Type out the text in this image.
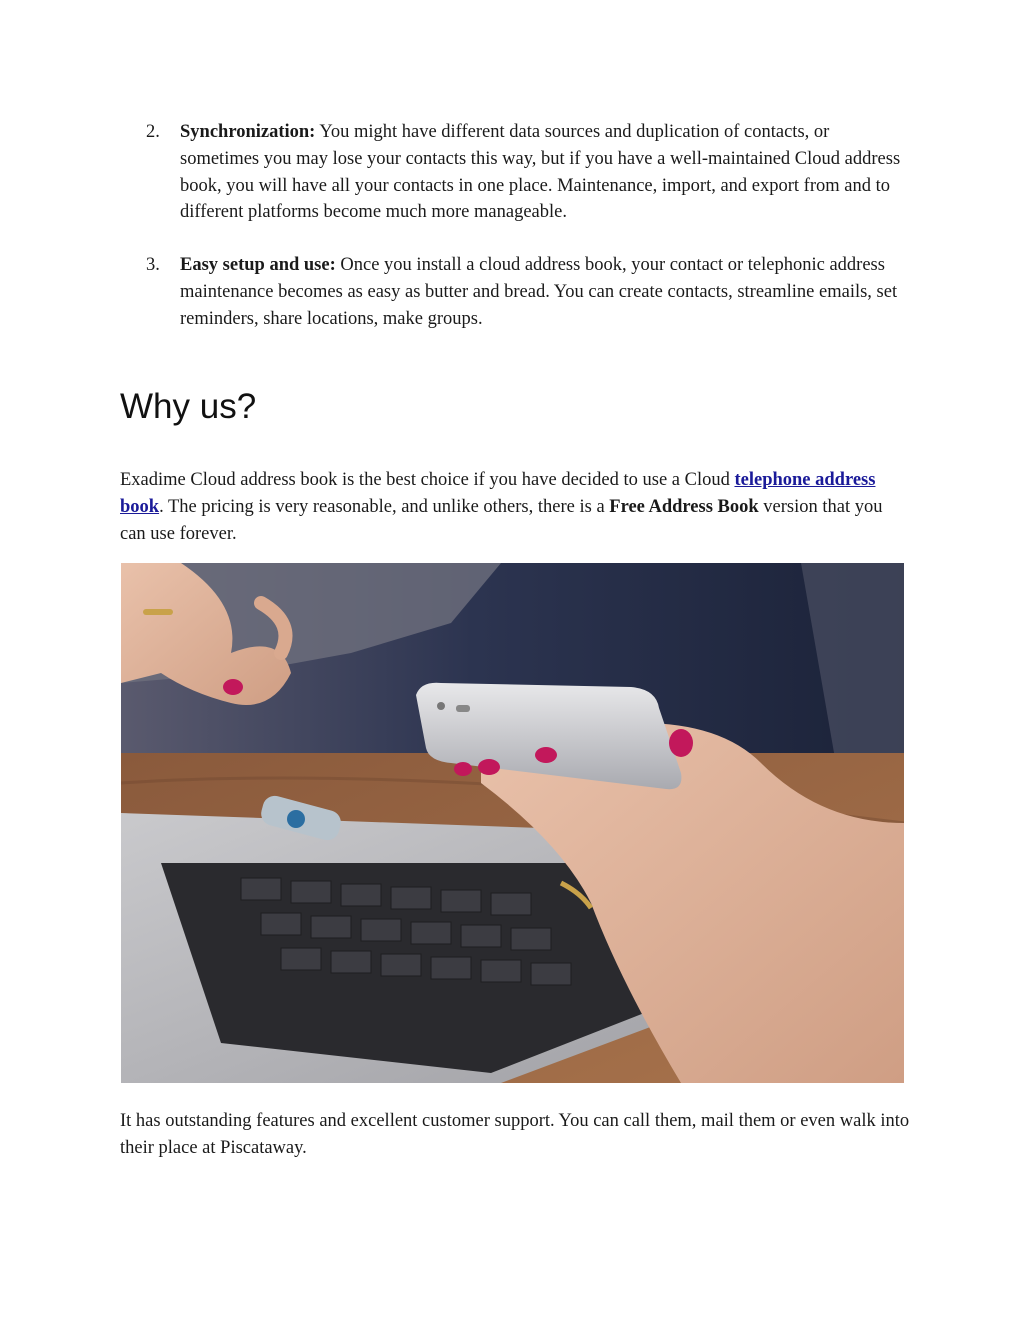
2.	Synchronization: You might have different data sources and duplication of contacts, or sometimes you may lose your contacts this way, but if you have a well-maintained Cloud address book, you will have all your contacts in one place. Maintenance, import, and export from and to different platforms become much more manageable.
3.	Easy setup and use: Once you install a cloud address book, your contact or telephonic address maintenance becomes as easy as butter and bread. You can create contacts, streamline emails, set reminders, share locations, make groups.
Why us?

Exadime Cloud address book is the best choice if you have decided to use a Cloud telephone address book. The pricing is very reasonable, and unlike others, there is a Free Address Book version that you can use forever.

It has outstanding features and excellent customer support. You can call them, mail them or even walk into their place at Piscataway.
